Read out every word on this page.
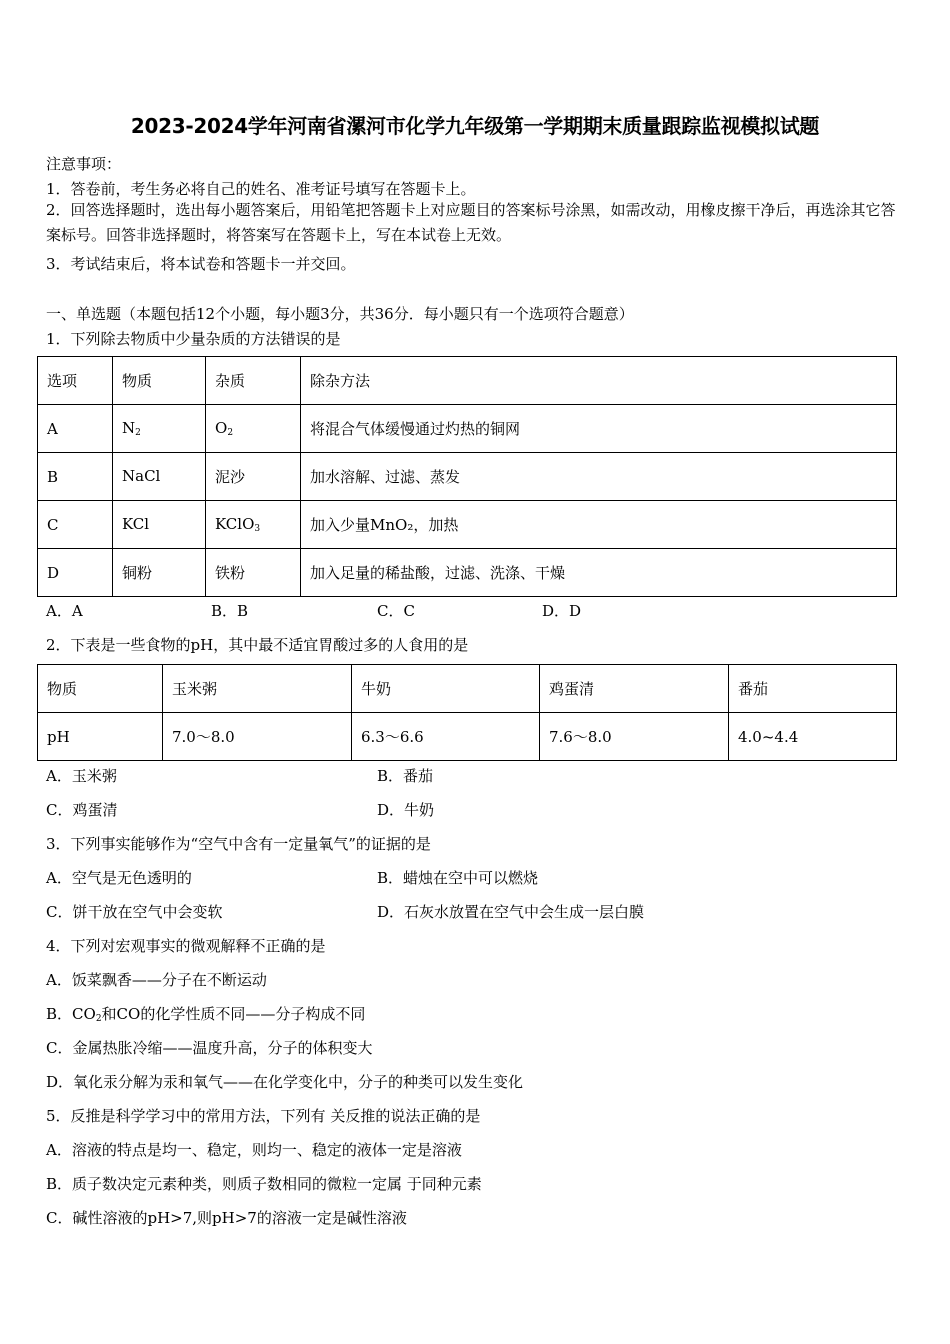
2023-2024学年河南省漯河市化学九年级第一学期期末质量跟踪监视模拟试题
注意事项：
1．答卷前，考生务必将自己的姓名、准考证号填写在答题卡上。
2．回答选择题时，选出每小题答案后，用铅笔把答题卡上对应题目的答案标号涂黑，如需改动，用橡皮擦干净后，再选涂其它答案标号。回答非选择题时，将答案写在答题卡上，写在本试卷上无效。
3．考试结束后，将本试卷和答题卡一并交回。
一、单选题（本题包括12个小题，每小题3分，共36分．每小题只有一个选项符合题意）
1．下列除去物质中少量杂质的方法错误的是
选项	物质	杂质	除杂方法
A	$N_2$	$O_2$	将混合气体缓慢通过灼热的铜网
B	NaCl	泥沙	加水溶解、过滤、蒸发
C	KCl	KClO$_3$	加入少量MnO₂，加热
D	铜粉	铁粉	加入足量的稀盐酸，过滤、洗涤、干燥
A．A	B．B	C．C	D．D
2．下表是一些食物的pH，其中最不适宜胃酸过多的人食用的是
物质	玉米粥	牛奶	鸡蛋清	番茄
pH	7.0～8.0	6.3～6.6	7.6～8.0	4.0~4.4
A．玉米粥	B．番茄
C．鸡蛋清	D．牛奶
3．下列事实能够作为“空气中含有一定量氧气”的证据的是
A．空气是无色透明的	B．蜡烛在空中可以燃烧
C．饼干放在空气中会变软	D．石灰水放置在空气中会生成一层白膜
4．下列对宏观事实的微观解释不正确的是
A．饭菜飘香——分子在不断运动
B．$CO_2$和CO的化学性质不同——分子构成不同
C．金属热胀冷缩——温度升高，分子的体积变大
D．氧化汞分解为汞和氧气——在化学变化中，分子的种类可以发生变化
5．反推是科学学习中的常用方法，下列有 关反推的说法正确的是
A．溶液的特点是均一、稳定，则均一、稳定的液体一定是溶液
B．质子数决定元素种类，则质子数相同的微粒一定属 于同种元素
C．碱性溶液的pH>7,则pH>7的溶液一定是碱性溶液
